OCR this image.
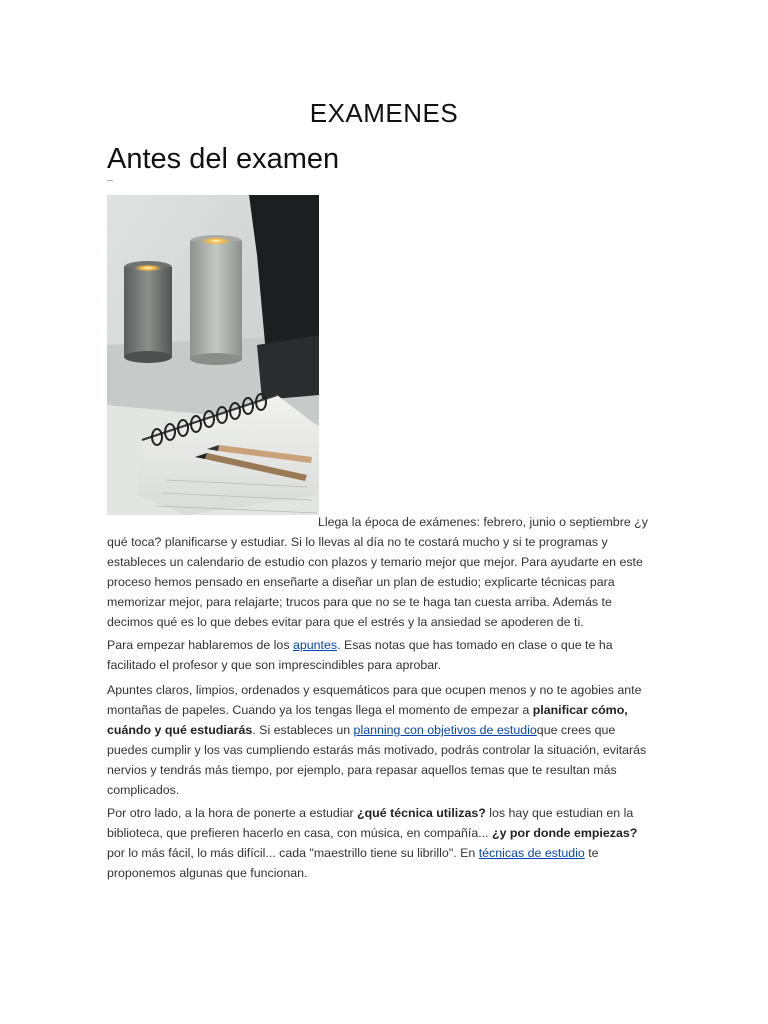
EXAMENES
Antes del examen
Llega la época de exámenes: febrero, junio o septiembre ¿y qué toca? planificarse y estudiar. Si lo llevas al día no te costará mucho y si te programas y estableces un calendario de estudio con plazos y temario mejor que mejor. Para ayudarte en este proceso hemos pensado en enseñarte a diseñar un plan de estudio; explicarte técnicas para memorizar mejor, para relajarte; trucos para que no se te haga tan cuesta arriba. Además te decimos qué es lo que debes evitar para que el estrés y la ansiedad se apoderen de ti.
Para empezar hablaremos de los apuntes. Esas notas que has tomado en clase o que te ha facilitado el profesor y que son imprescindibles para aprobar.
Apuntes claros, limpios, ordenados y esquemáticos para que ocupen menos y no te agobies ante montañas de papeles. Cuando ya los tengas llega el momento de empezar a planificar cómo, cuándo y qué estudiarás. Si estableces un planning con objetivos de estudioque crees que puedes cumplir y los vas cumpliendo estarás más motivado, podrás controlar la situación, evitarás nervios y tendrás más tiempo, por ejemplo, para repasar aquellos temas que te resultan más complicados.
Por otro lado, a la hora de ponerte a estudiar ¿qué técnica utilizas? los hay que estudian en la biblioteca, que prefieren hacerlo en casa, con música, en compañía... ¿y por donde empiezas? por lo más fácil, lo más difícil... cada "maestrillo tiene su librillo". En técnicas de estudio te proponemos algunas que funcionan.
